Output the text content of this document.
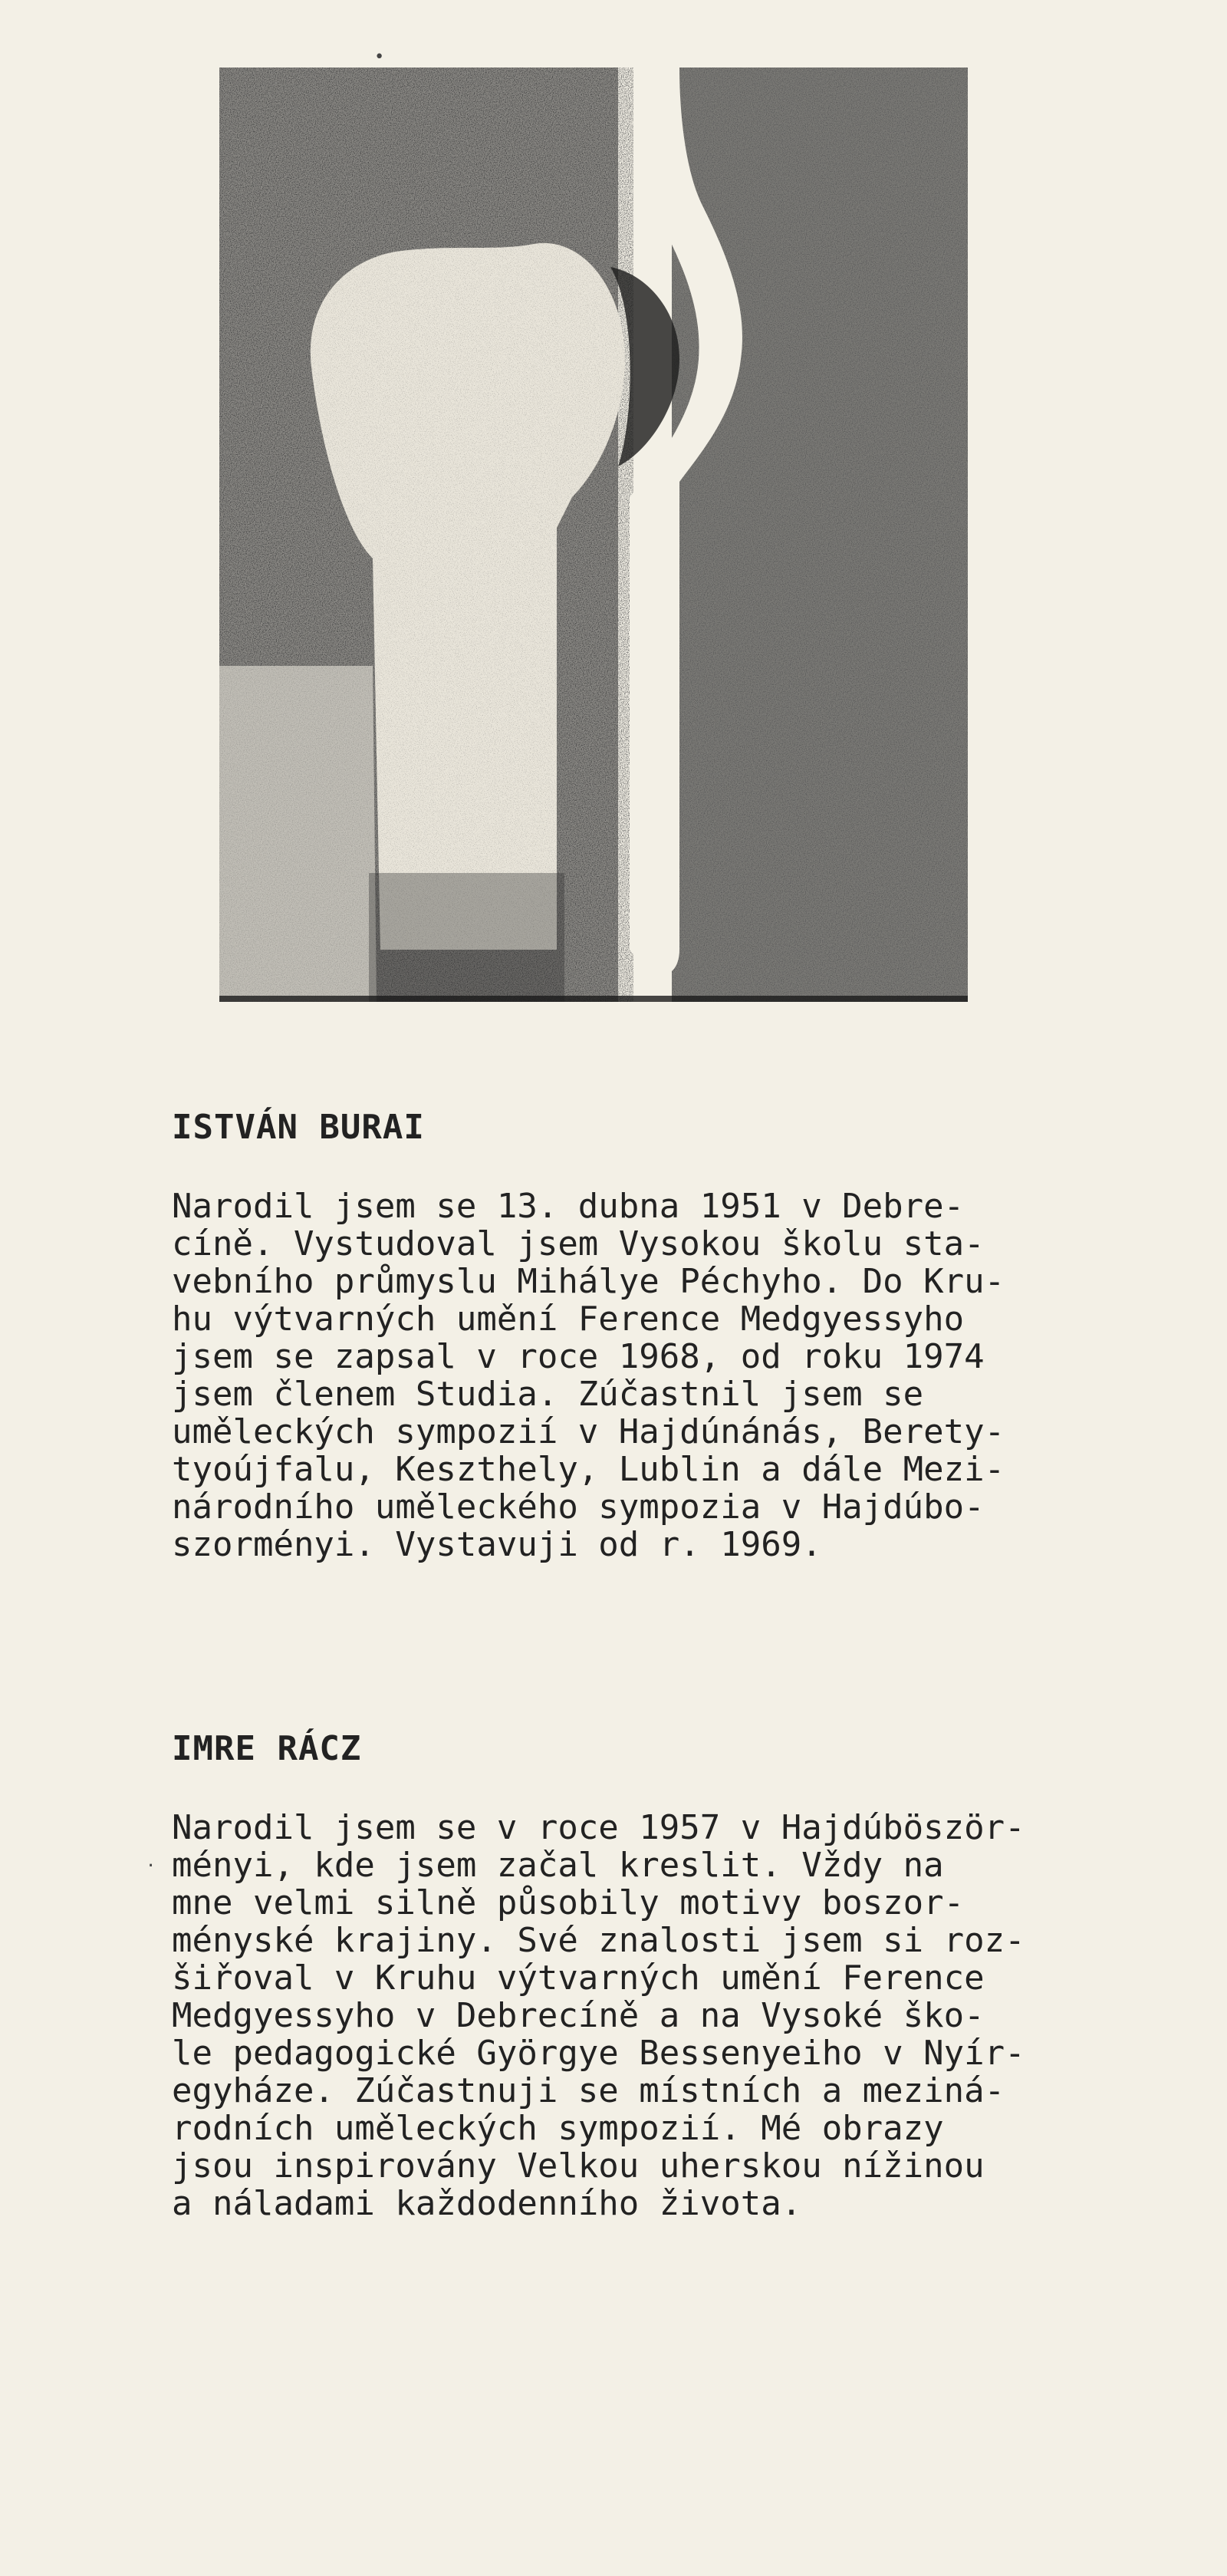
ISTVÁN BURAI

Narodil jsem se 13. dubna 1951 v Debre-
cíně. Vystudoval jsem Vysokou školu sta-
vebního průmyslu Mihálye Péchyho. Do Kru-
hu výtvarných umění Ference Medgyessyho
jsem se zapsal v roce 1968, od roku 1974
jsem členem Studia. Zúčastnil jsem se
uměleckých sympozií v Hajdúnánás, Berety-
tyoújfalu, Keszthely, Lublin a dále Mezi-
národního uměleckého sympozia v Hajdúbo-
szorményi. Vystavuji od r. 1969.

IMRE RÁCZ

Narodil jsem se v roce 1957 v Hajdúböször-
ményi, kde jsem začal kreslit. Vždy na
mne velmi silně působily motivy boszor-
ményské krajiny. Své znalosti jsem si roz-
šiřoval v Kruhu výtvarných umění Ference
Medgyessyho v Debrecíně a na Vysoké ško-
le pedagogické Györgye Bessenyeiho v Nyír-
egyháze. Zúčastnuji se místních a meziná-
rodních uměleckých sympozií. Mé obrazy
jsou inspirovány Velkou uherskou nížinou
a náladami každodenního života.

·
•
